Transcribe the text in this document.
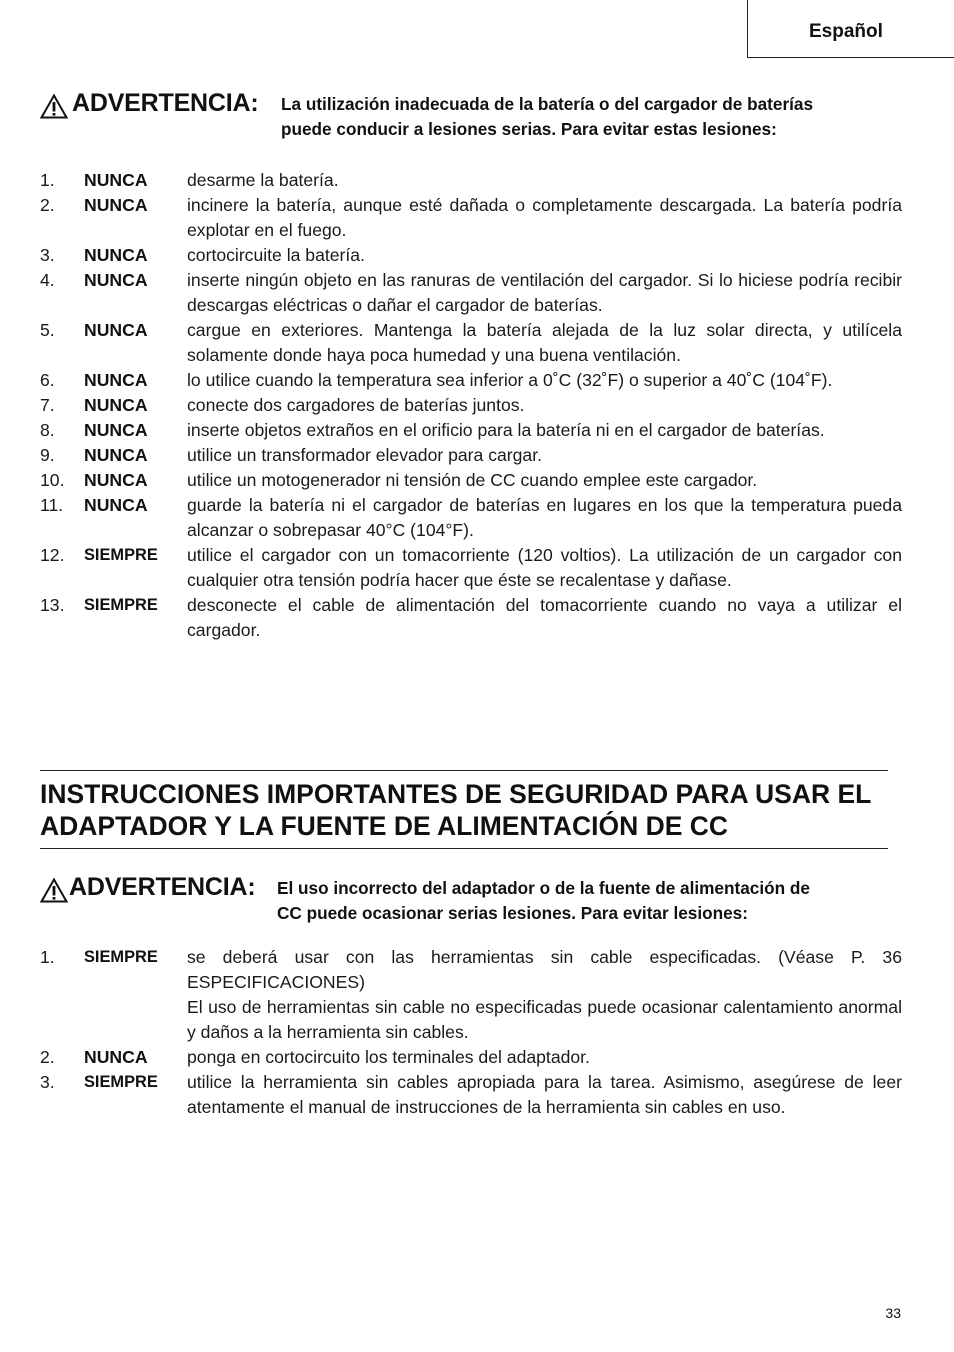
Español
ADVERTENCIA: La utilización inadecuada de la batería o del cargador de baterías
puede conducir a lesiones serias. Para evitar estas lesiones:
1. NUNCA desarme la batería.
2. NUNCA incinere la batería, aunque esté dañada o completamente descargada. La batería podría explotar en el fuego.
3. NUNCA cortocircuite la batería.
4. NUNCA inserte ningún objeto en las ranuras de ventilación del cargador. Si lo hiciese podría recibir descargas eléctricas o dañar el cargador de baterías.
5. NUNCA cargue en exteriores. Mantenga la batería alejada de la luz solar directa, y utilícela solamente donde haya poca humedad y una buena ventilación.
6. NUNCA lo utilice cuando la temperatura sea inferior a 0˚C (32˚F) o superior a 40˚C (104˚F).
7. NUNCA conecte dos cargadores de baterías juntos.
8. NUNCA inserte objetos extraños en el orificio para la batería ni en el cargador de baterías.
9. NUNCA utilice un transformador elevador para cargar.
10. NUNCA utilice un motogenerador ni tensión de CC cuando emplee este cargador.
11. NUNCA guarde la batería ni el cargador de baterías en lugares en los que la temperatura pueda alcanzar o sobrepasar 40°C (104°F).
12. SIEMPRE utilice el cargador con un tomacorriente (120 voltios). La utilización de un cargador con cualquier otra tensión podría hacer que éste se recalentase y dañase.
13. SIEMPRE desconecte el cable de alimentación del tomacorriente cuando no vaya a utilizar el cargador.
INSTRUCCIONES IMPORTANTES DE SEGURIDAD PARA USAR EL
ADAPTADOR Y LA FUENTE DE ALIMENTACIÓN DE CC
ADVERTENCIA: El uso incorrecto del adaptador o de la fuente de alimentación de
CC puede ocasionar serias lesiones. Para evitar lesiones:
1. SIEMPRE se deberá usar con las herramientas sin cable especificadas. (Véase P. 36 ESPECIFICACIONES)
El uso de herramientas sin cable no especificadas puede ocasionar calentamiento anormal y daños a la herramienta sin cables.
2. NUNCA ponga en cortocircuito los terminales del adaptador.
3. SIEMPRE utilice la herramienta sin cables apropiada para la tarea. Asimismo, asegúrese de leer atentamente el manual de instrucciones de la herramienta sin cables en uso.
33
